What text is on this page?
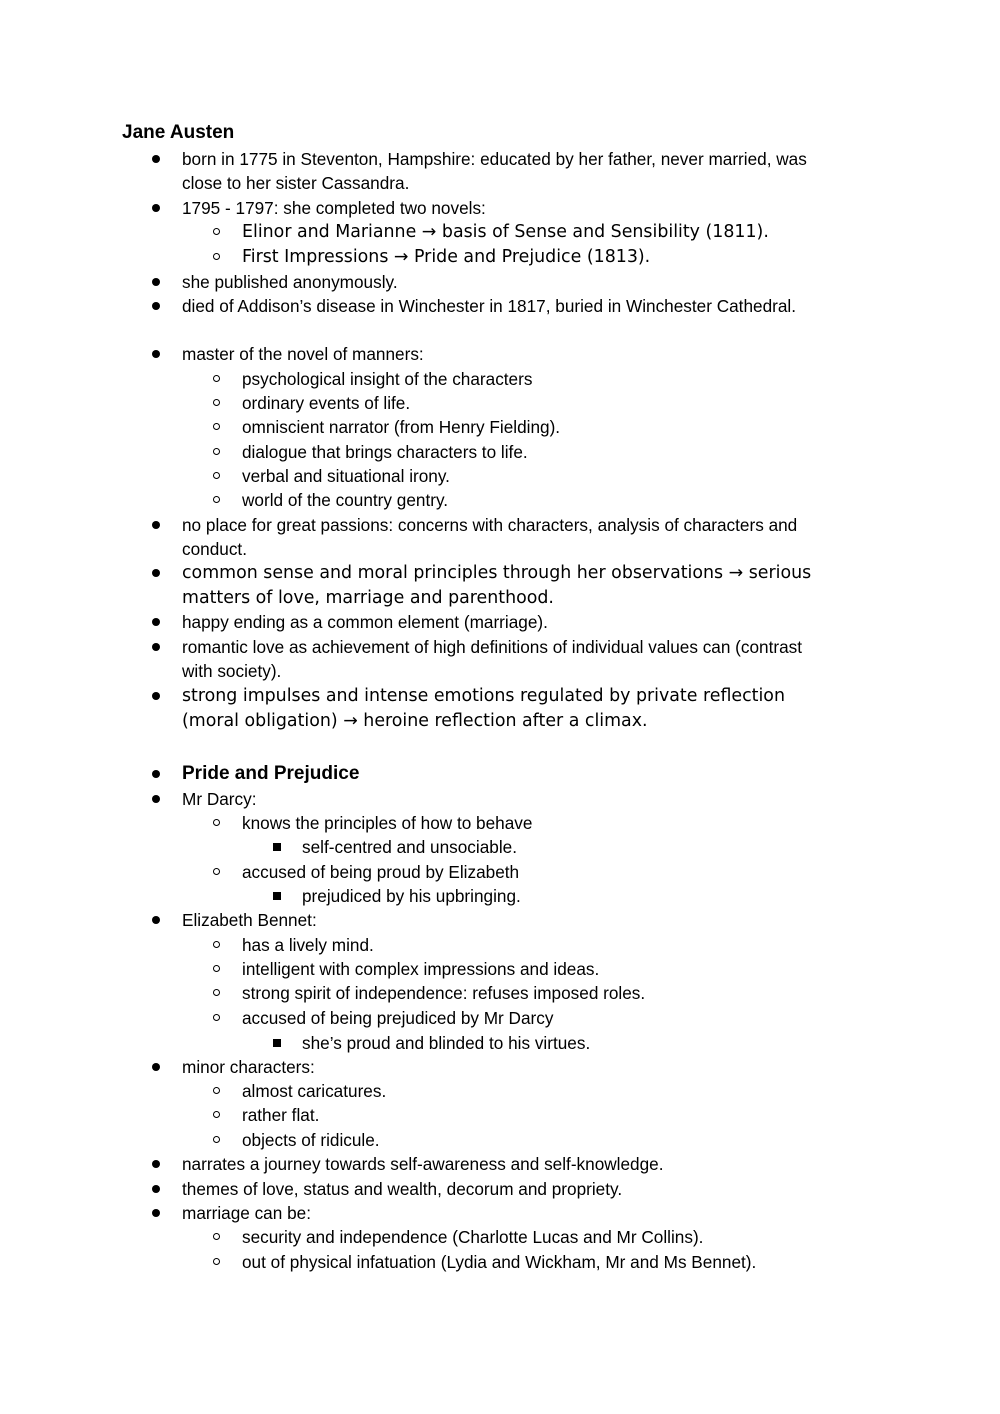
Jane Austen
born in 1775 in Steventon, Hampshire: educated by her father, never married, was
close to her sister Cassandra.
1795 - 1797: she completed two novels:
Elinor and Marianne → basis of Sense and Sensibility (1811).
First Impressions → Pride and Prejudice (1813).
she published anonymously.
died of Addison’s disease in Winchester in 1817, buried in Winchester Cathedral.
master of the novel of manners:
psychological insight of the characters
ordinary events of life.
omniscient narrator (from Henry Fielding).
dialogue that brings characters to life.
verbal and situational irony.
world of the country gentry.
no place for great passions: concerns with characters, analysis of characters and
conduct.
common sense and moral principles through her observations → serious
matters of love, marriage and parenthood.
happy ending as a common element (marriage).
romantic love as achievement of high definitions of individual values can (contrast
with society).
strong impulses and intense emotions regulated by private reflection
(moral obligation) → heroine reflection after a climax.
Pride and Prejudice
Mr Darcy:
knows the principles of how to behave
self-centred and unsociable.
accused of being proud by Elizabeth
prejudiced by his upbringing.
Elizabeth Bennet:
has a lively mind.
intelligent with complex impressions and ideas.
strong spirit of independence: refuses imposed roles.
accused of being prejudiced by Mr Darcy
she’s proud and blinded to his virtues.
minor characters:
almost caricatures.
rather flat.
objects of ridicule.
narrates a journey towards self-awareness and self-knowledge.
themes of love, status and wealth, decorum and propriety.
marriage can be:
security and independence (Charlotte Lucas and Mr Collins).
out of physical infatuation (Lydia and Wickham, Mr and Ms Bennet).
